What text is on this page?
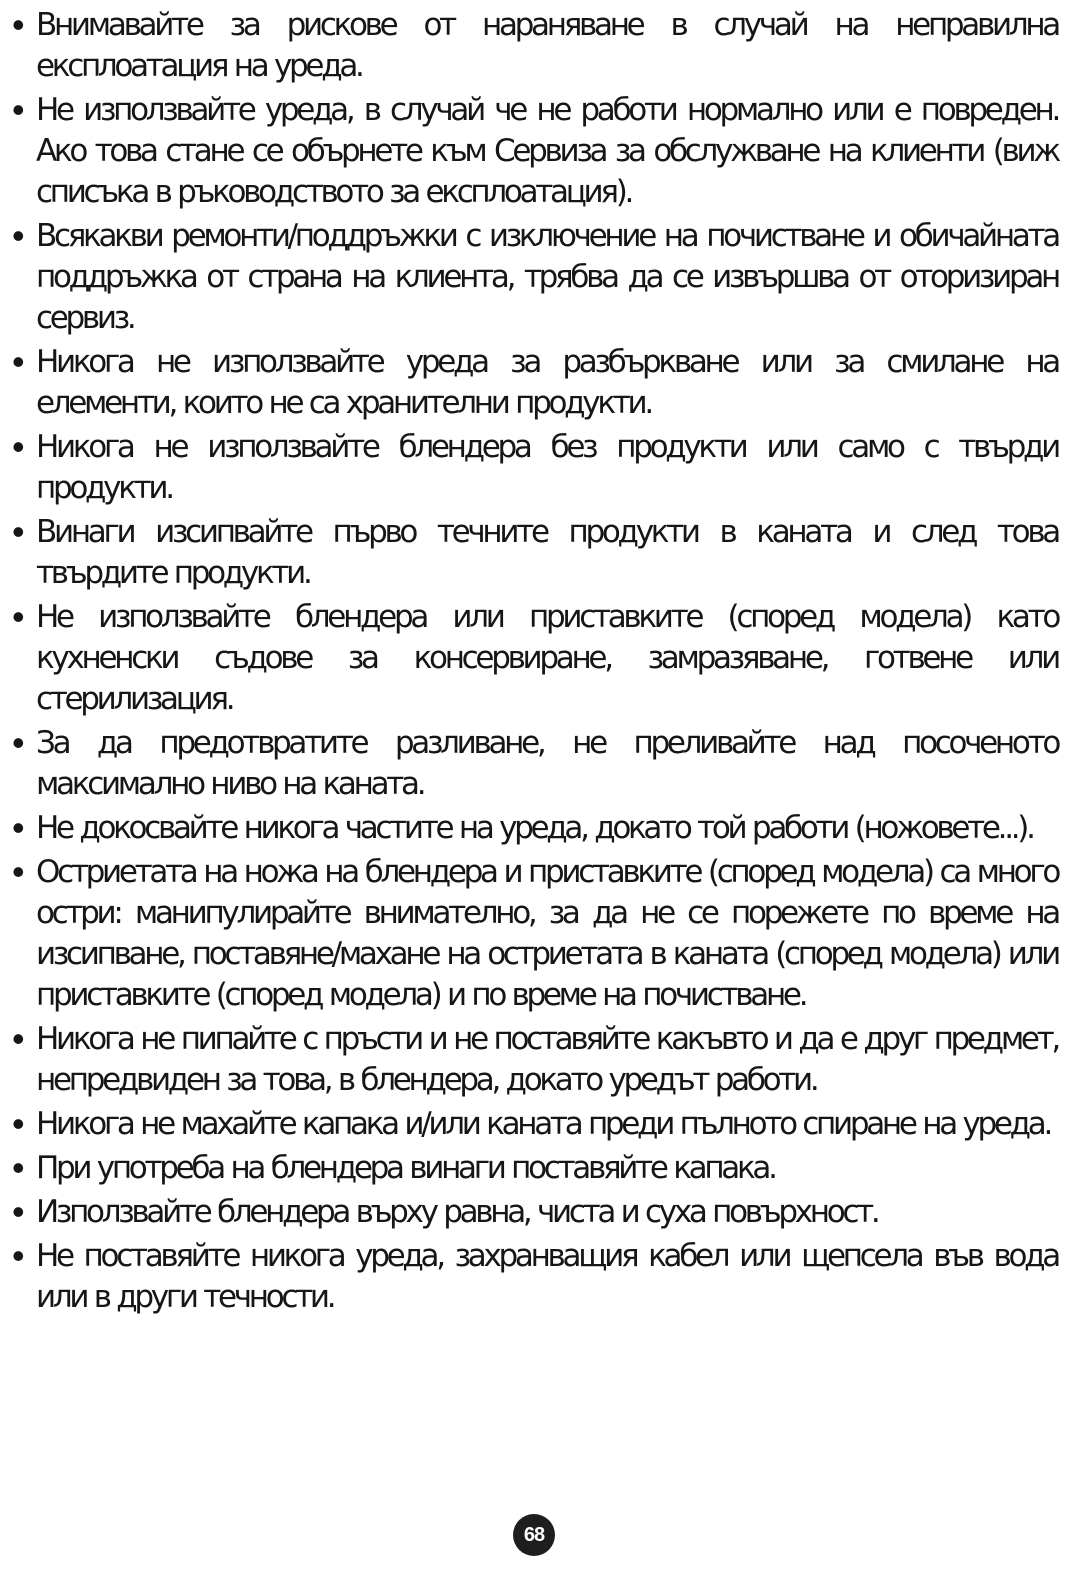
• Внимавайте за рискове от нараняване в случай на неправилна експлоатация на уреда.
• Не използвайте уреда, в случай че не работи нормално или е повреден. Ако това стане се обърнете към Сервиза за обслужване на клиенти (виж списъка в ръководството за експлоатация).
• Всякакви ремонти/поддръжки с изключение на почистване и обичайната поддръжка от страна на клиента, трябва да се извършва от оторизиран сервиз.
• Никога не използвайте уреда за разбъркване или за смилане на елементи, които не са хранителни продукти.
• Никога не използвайте блендера без продукти или само с твърди продукти.
• Винаги изсипвайте първо течните продукти в каната и след това твърдите продукти.
• Не използвайте блендера или приставките (според модела) като кухненски съдове за консервиране, замразяване, готвене или стерилизация.
• За да предотвратите разливане, не преливайте над посоченото максимално ниво на каната.
• Не докосвайте никога частите на уреда, докато той работи (ножовете...).
• Остриетата на ножа на блендера и приставките (според модела) са много остри: манипулирайте внимателно, за да не се порежете по време на изсипване, поставяне/махане на остриетата в каната (според модела) или приставките (според модела) и по време на почистване.
• Никога не пипайте с пръсти и не поставяйте какъвто и да е друг предмет, непредвиден за това, в блендера, докато уредът работи.
• Никога не махайте капака и/или каната преди пълното спиране на уреда.
• При употреба на блендера винаги поставяйте капака.
• Използвайте блендера върху равна, чиста и суха повърхност.
• Не поставяйте никога уреда, захранващия кабел или щепсела във вода или в други течности.
68
